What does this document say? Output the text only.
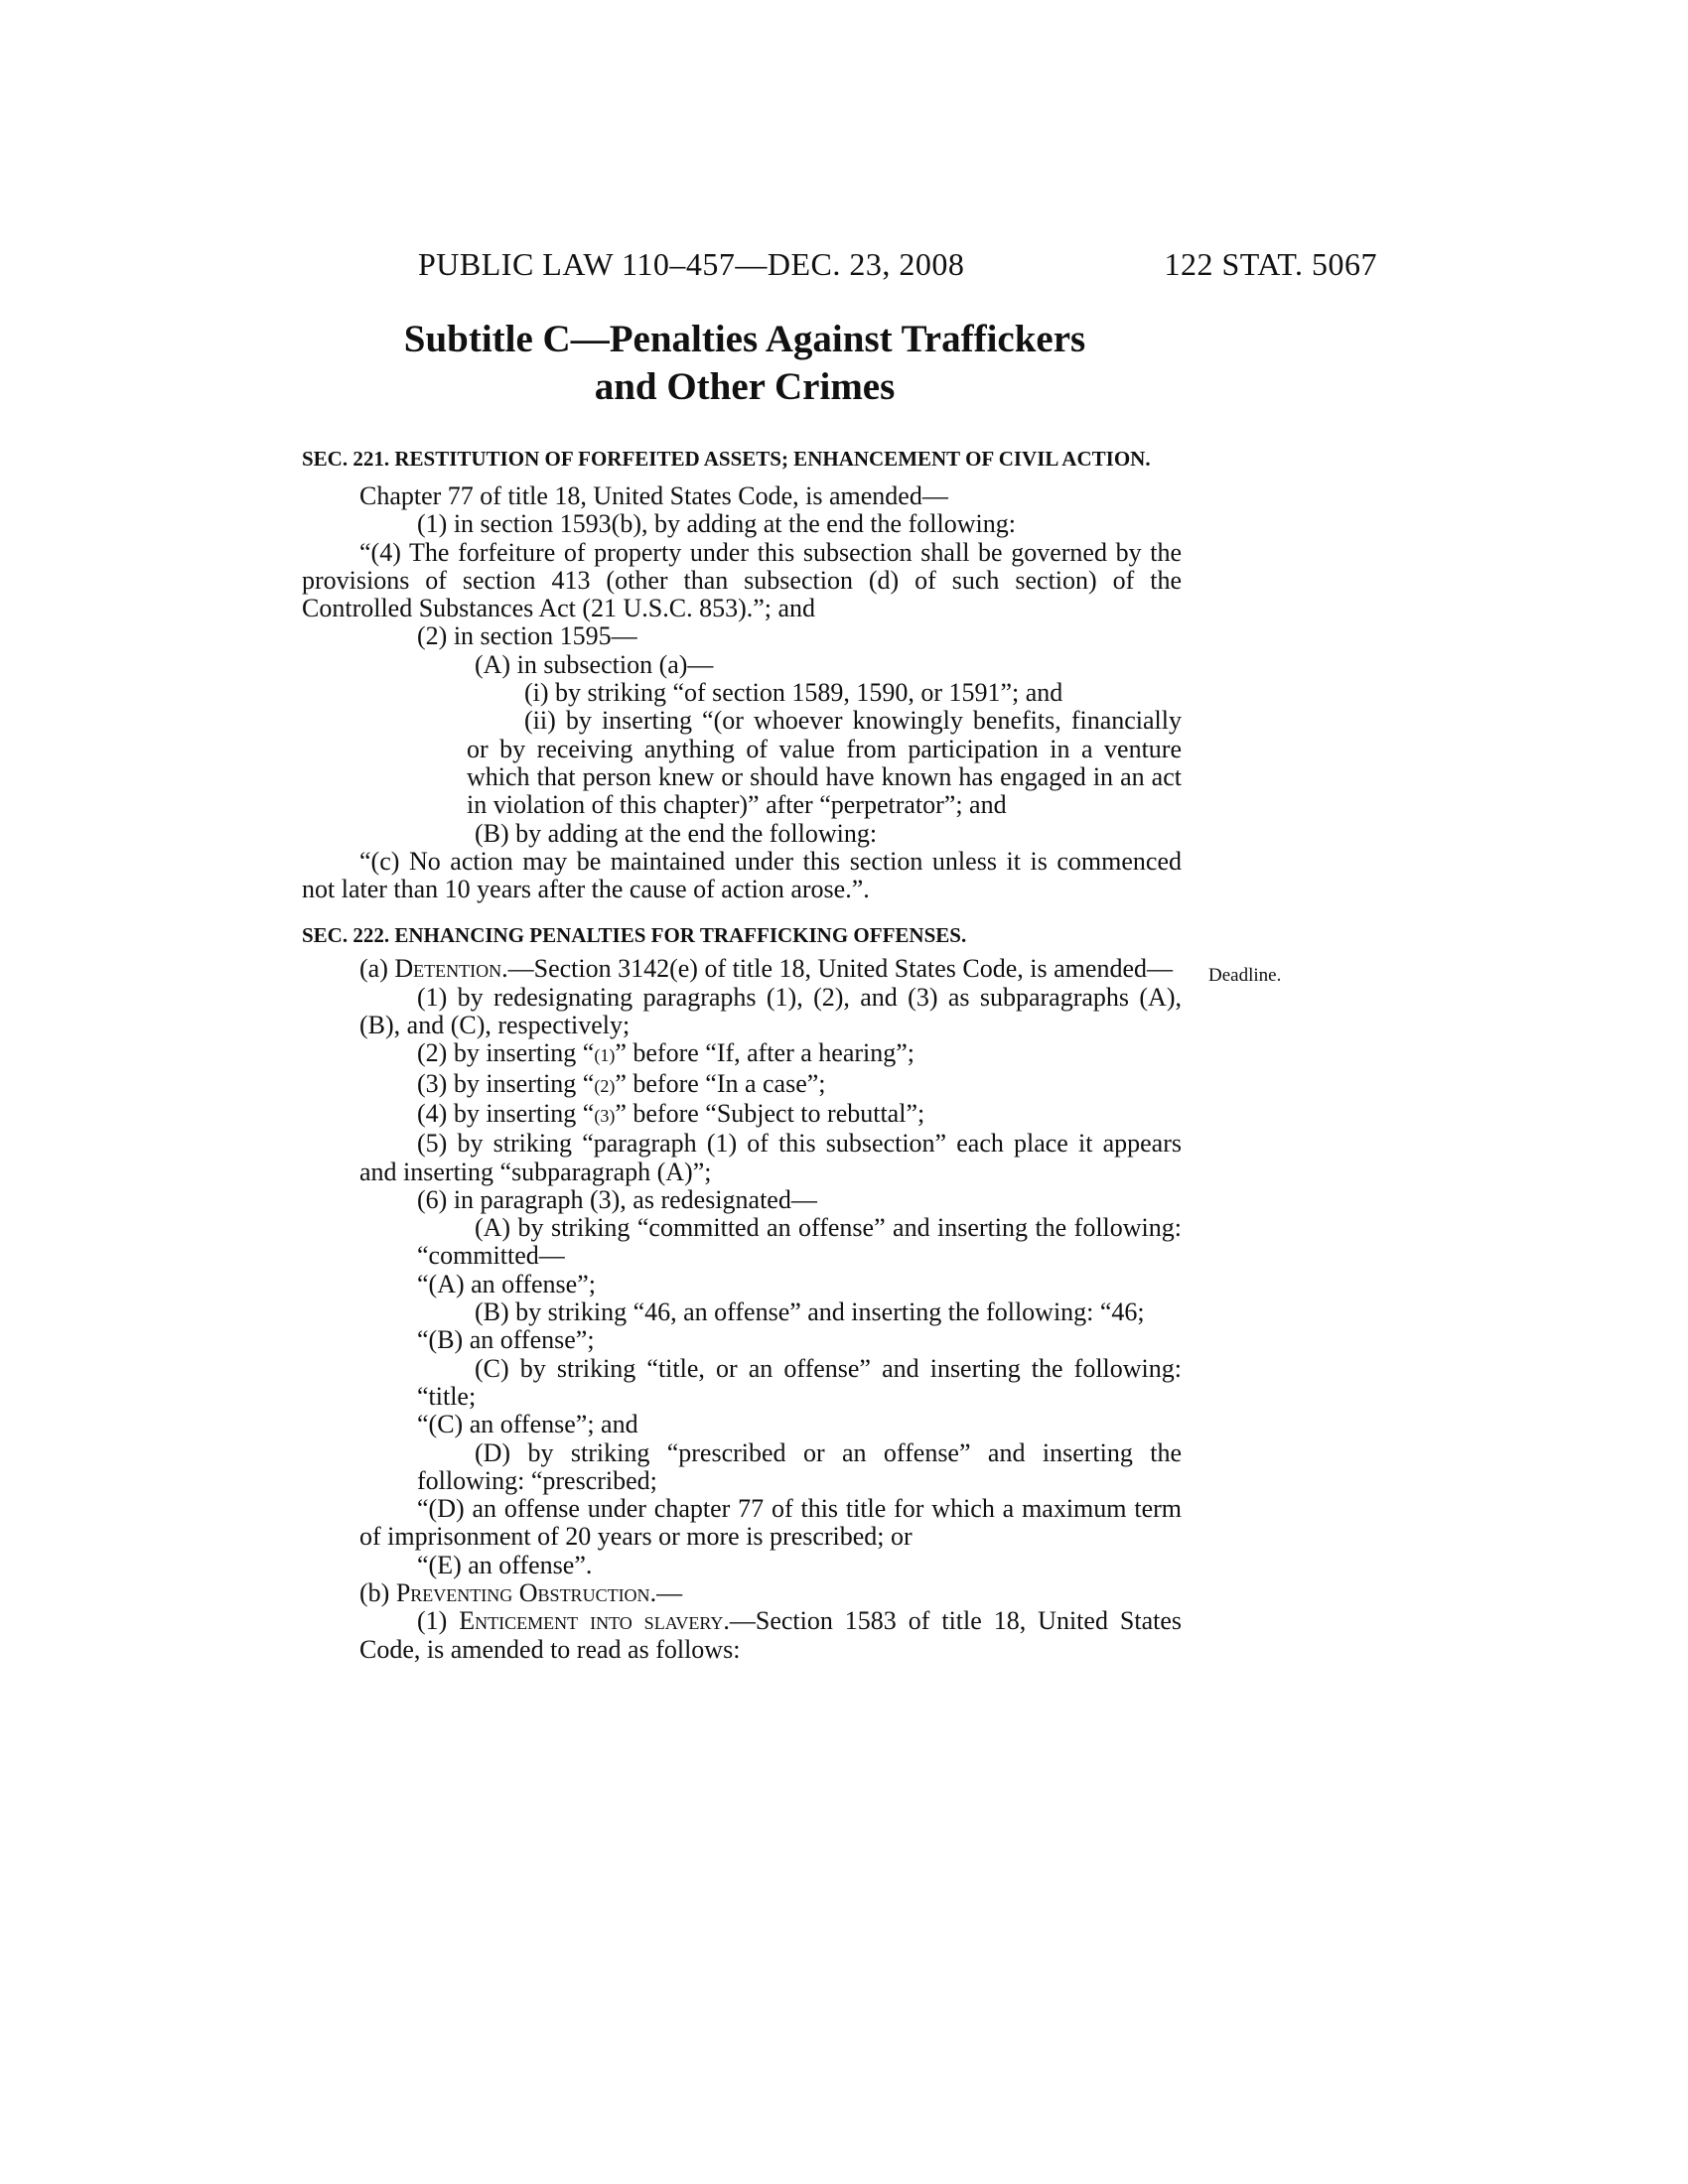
PUBLIC LAW 110–457—DEC. 23, 2008	122 STAT. 5067
Subtitle C—Penalties Against Traffickers
and Other Crimes
Deadline.

SEC. 221. RESTITUTION OF FORFEITED ASSETS; ENHANCEMENT OF CIVIL ACTION.

Chapter 77 of title 18, United States Code, is amended—

(1) in section 1593(b), by adding at the end the following:

“(4) The forfeiture of property under this subsection shall be governed by the provisions of section 413 (other than subsection (d) of such section) of the Controlled Substances Act (21 U.S.C. 853).”; and

(2) in section 1595—

(A) in subsection (a)—

(i) by striking “of section 1589, 1590, or 1591”; and

(ii) by inserting “(or whoever knowingly benefits, financially or by receiving anything of value from participation in a venture which that person knew or should have known has engaged in an act in violation of this chapter)” after “perpetrator”; and

(B) by adding at the end the following:

“(c) No action may be maintained under this section unless it is commenced not later than 10 years after the cause of action arose.”.

SEC. 222. ENHANCING PENALTIES FOR TRAFFICKING OFFENSES.

(a) Detention.—Section 3142(e) of title 18, United States Code, is amended—

(1) by redesignating paragraphs (1), (2), and (3) as subparagraphs (A), (B), and (C), respectively;

(2) by inserting “(1)” before “If, after a hearing”;

(3) by inserting “(2)” before “In a case”;

(4) by inserting “(3)” before “Subject to rebuttal”;

(5) by striking “paragraph (1) of this subsection” each place it appears and inserting “subparagraph (A)”;

(6) in paragraph (3), as redesignated—

(A) by striking “committed an offense” and inserting the following: “committed—

“(A) an offense”;

(B) by striking “46, an offense” and inserting the following: “46;

“(B) an offense”;

(C) by striking “title, or an offense” and inserting the following: “title;

“(C) an offense”; and

(D) by striking “prescribed or an offense” and inserting the following: “prescribed;

“(D) an offense under chapter 77 of this title for which a maximum term of imprisonment of 20 years or more is prescribed; or

“(E) an offense”.

(b) Preventing Obstruction.—

(1) Enticement into slavery.—Section 1583 of title 18, United States Code, is amended to read as follows:
